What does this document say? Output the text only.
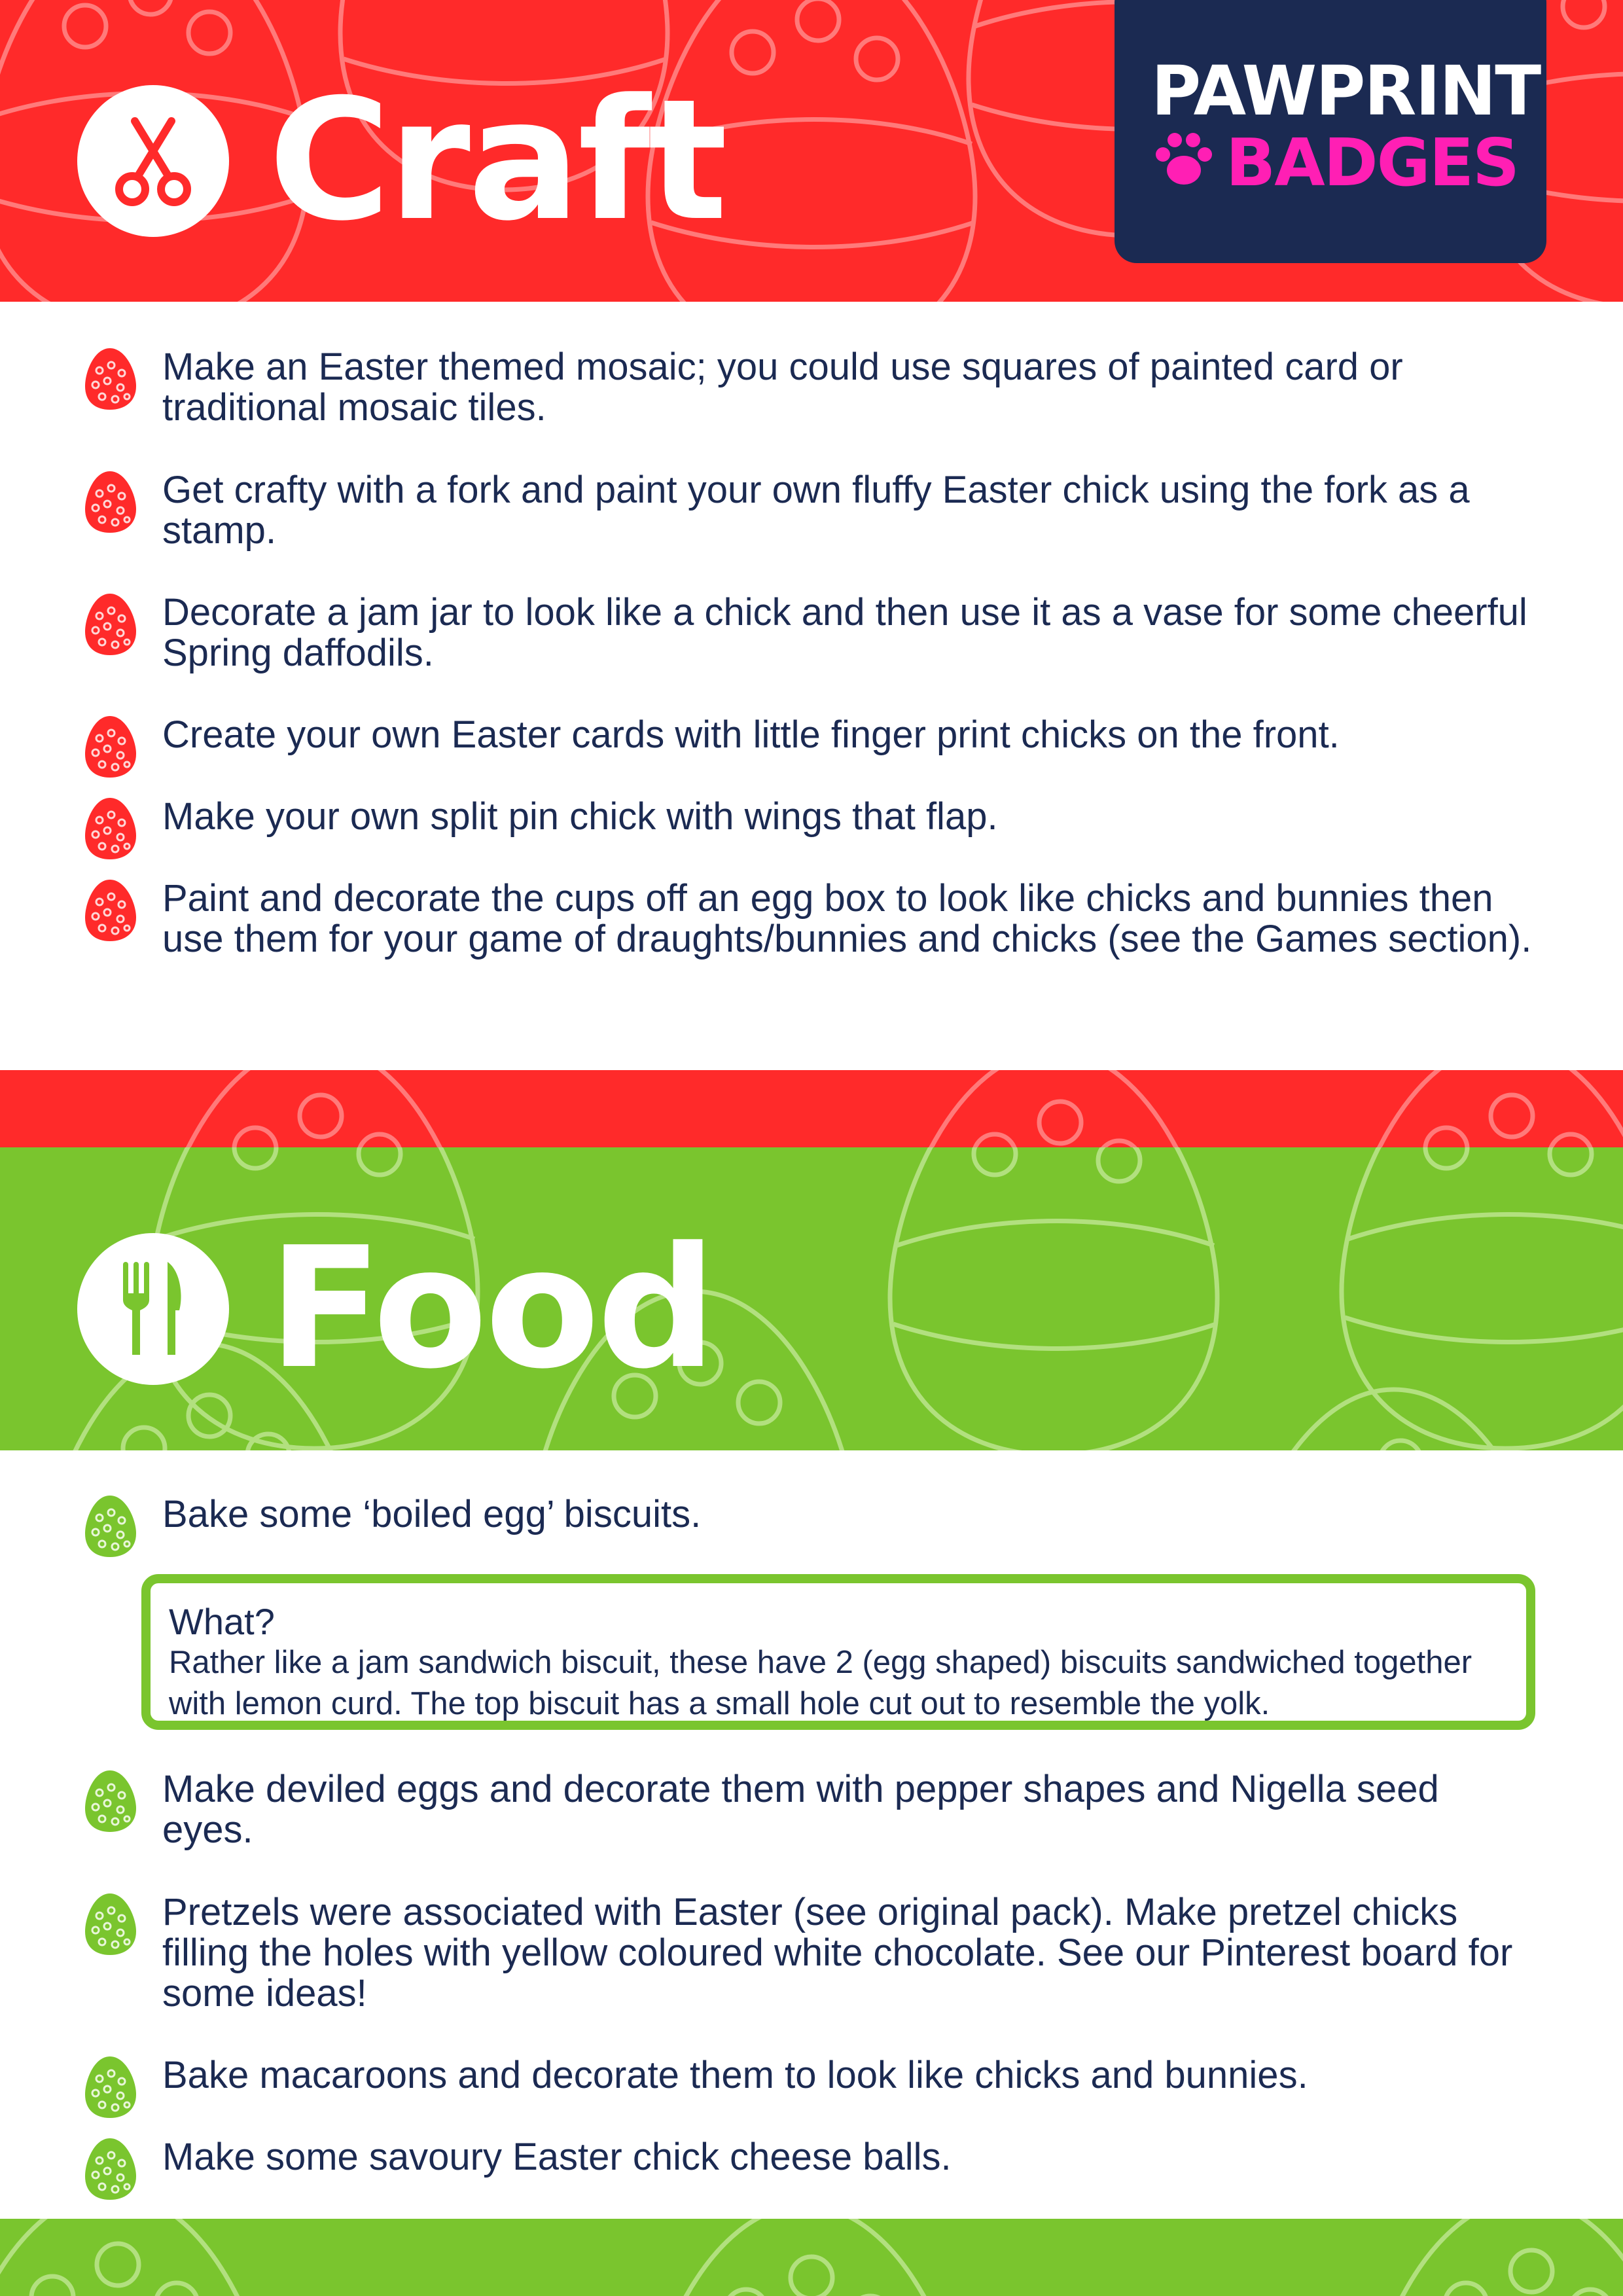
Craft	PAWPRINT
BADGES
Make an Easter themed mosaic; you could use squares of painted card or traditional mosaic tiles.
Get crafty with a fork and paint your own fluffy Easter chick using the fork as a stamp.
Decorate a jam jar to look like a chick and then use it as a vase for some cheerful Spring daffodils.
Create your own Easter cards with little finger print chicks on the front.
Make your own split pin chick with wings that flap.
Paint and decorate the cups off an egg box to look like chicks and bunnies then use them for your game of draughts/bunnies and chicks (see the Games section).
Food
Bake some ‘boiled egg’ biscuits.
Make deviled eggs and decorate them with pepper shapes and Nigella seed eyes.
Pretzels were associated with Easter (see original pack). Make pretzel chicks filling the holes with yellow coloured white chocolate. See our Pinterest board for some ideas!
Bake macaroons and decorate them to look like chicks and bunnies.
Make some savoury Easter chick cheese balls.
What?
Rather like a jam sandwich biscuit, these have 2 (egg shaped) biscuits sandwiched together with lemon curd. The top biscuit has a small hole cut out to resemble the yolk.
